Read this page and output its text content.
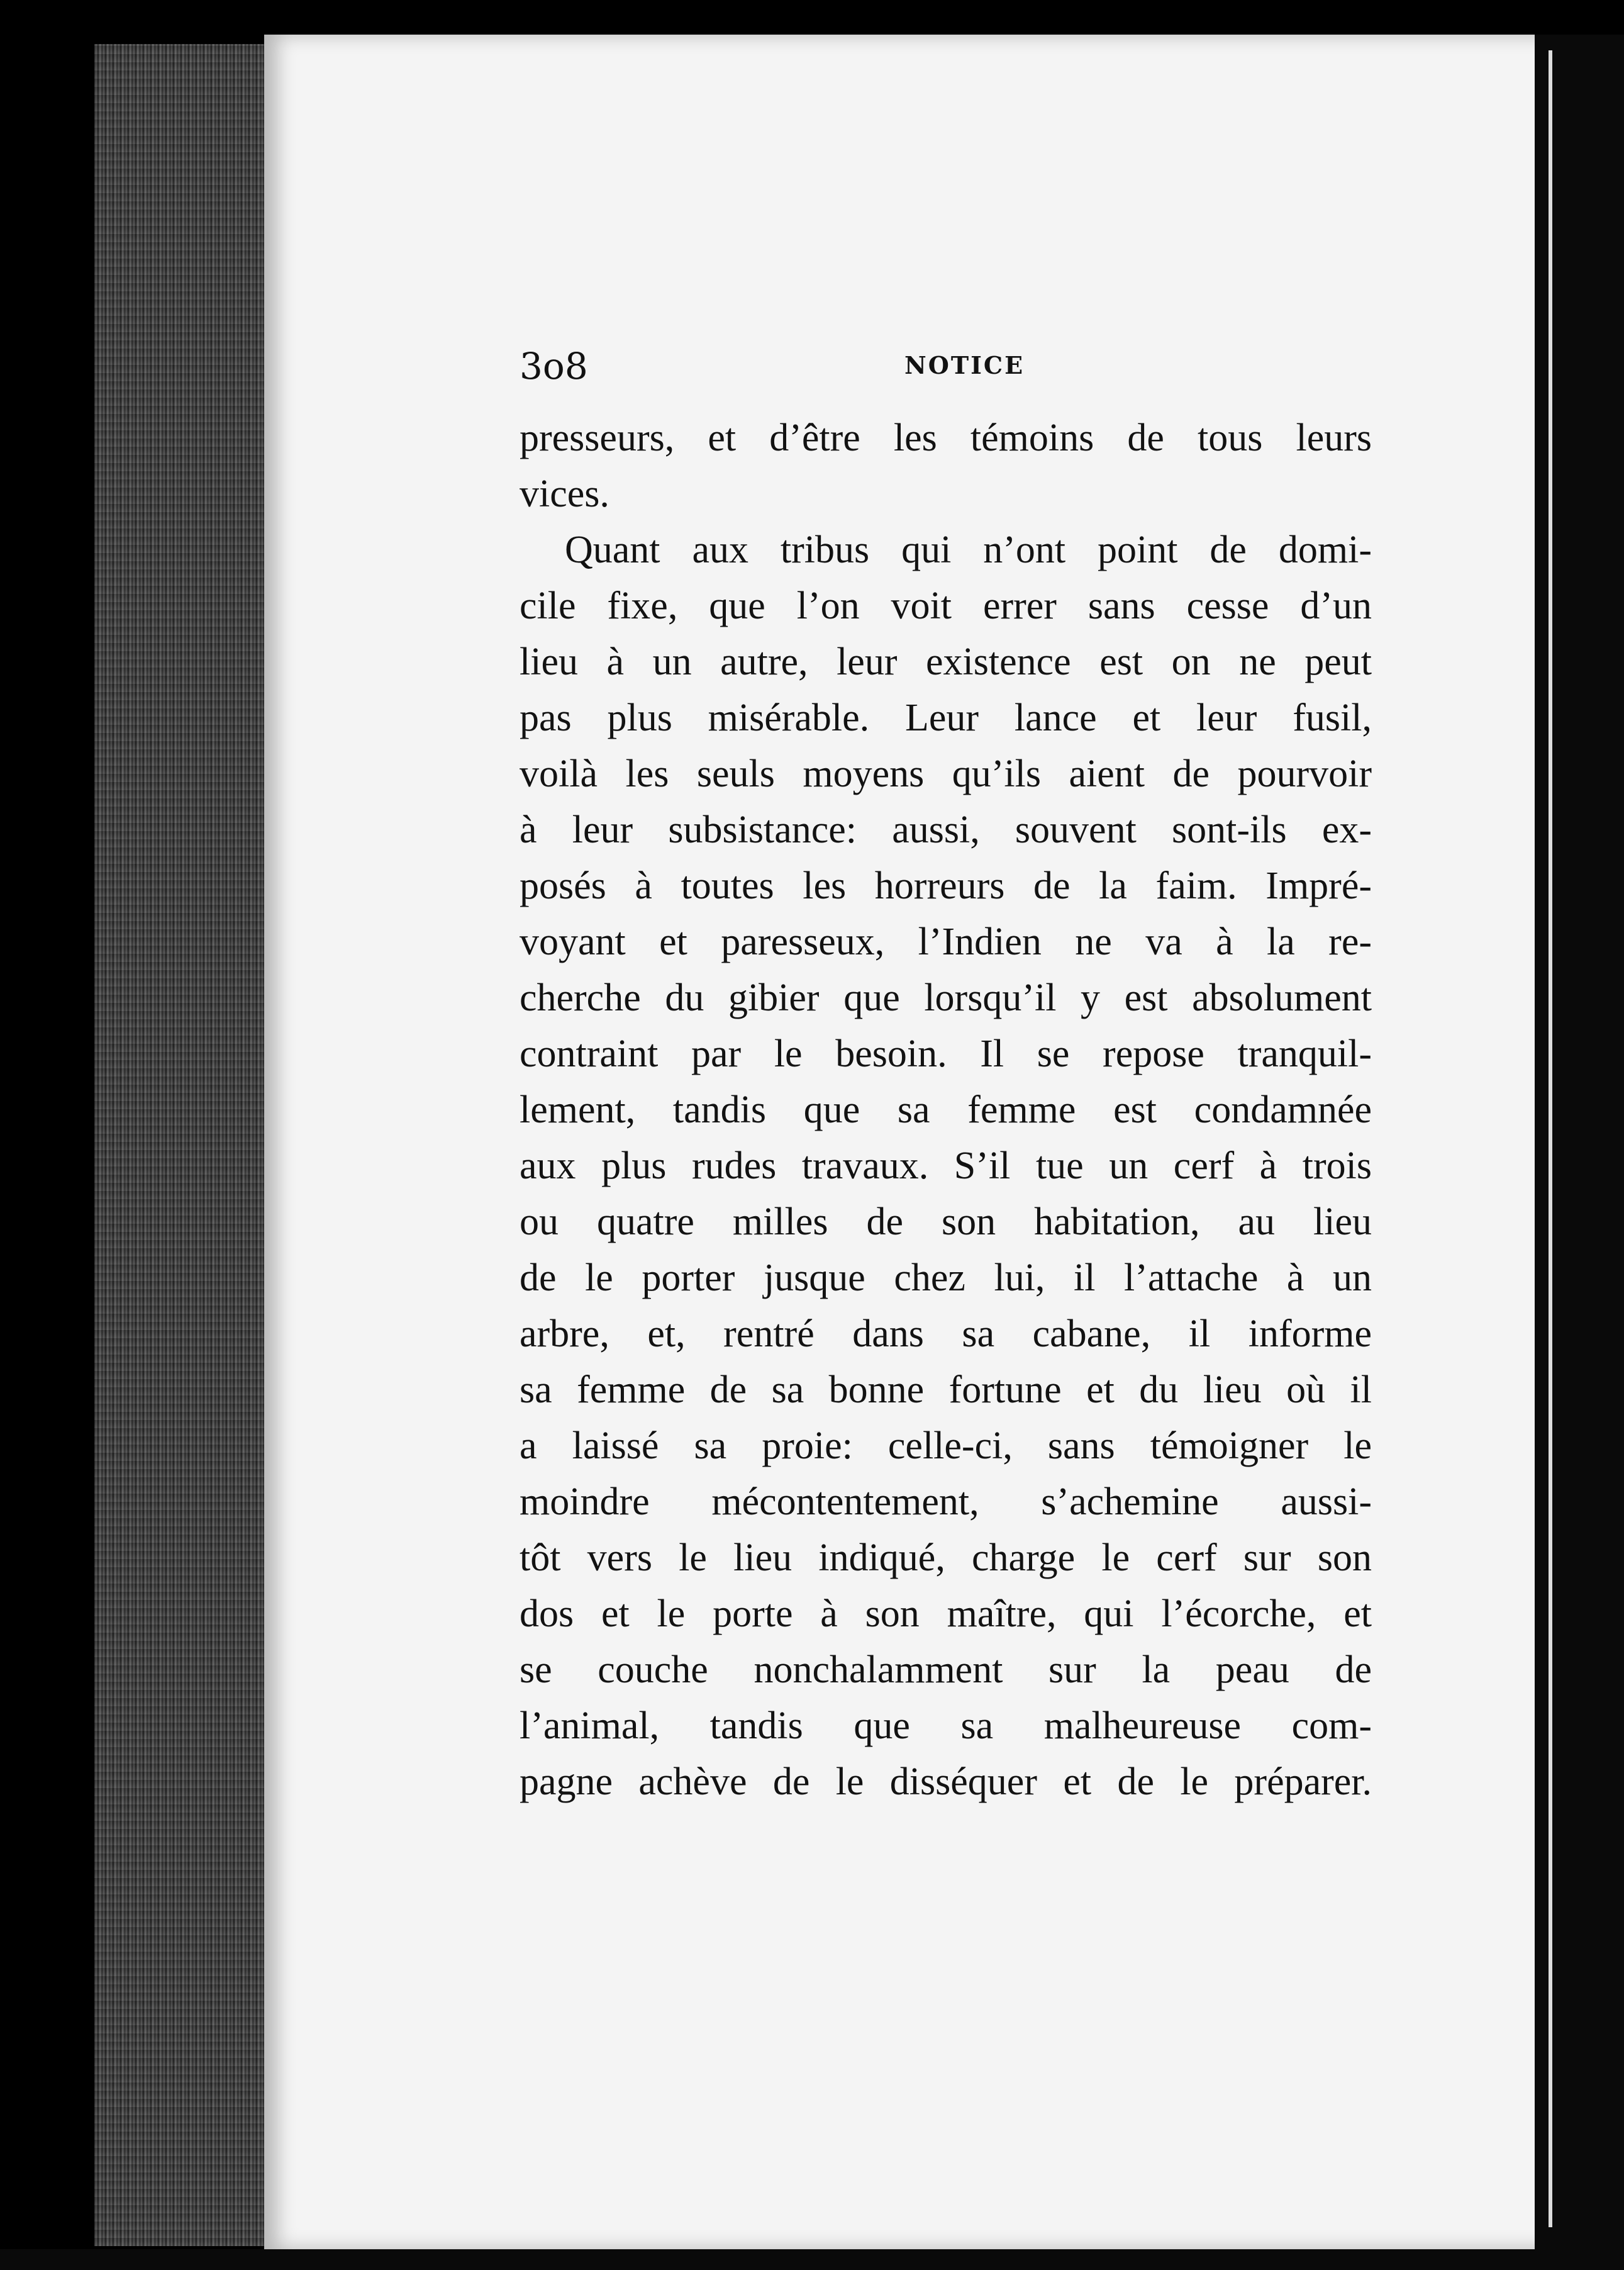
3o8	NOTICE
presseurs, et d’être les témoins de tous leurs
vices.
Quant aux tribus qui n’ont point de domi-
cile fixe, que l’on voit errer sans cesse d’un
lieu à un autre, leur existence est on ne peut
pas plus misérable. Leur lance et leur fusil,
voilà les seuls moyens qu’ils aient de pourvoir
à leur subsistance: aussi, souvent sont-ils ex-
posés à toutes les horreurs de la faim. Impré-
voyant et paresseux, l’Indien ne va à la re-
cherche du gibier que lorsqu’il y est absolument
contraint par le besoin. Il se repose tranquil-
lement, tandis que sa femme est condamnée
aux plus rudes travaux. S’il tue un cerf à trois
ou quatre milles de son habitation, au lieu
de le porter jusque chez lui, il l’attache à un
arbre, et, rentré dans sa cabane, il informe
sa femme de sa bonne fortune et du lieu où il
a laissé sa proie: celle-ci, sans témoigner le
moindre mécontentement, s’achemine aussi-
tôt vers le lieu indiqué, charge le cerf sur son
dos et le porte à son maître, qui l’écorche, et
se couche nonchalamment sur la peau de
l’animal, tandis que sa malheureuse com-
pagne achève de le disséquer et de le préparer.
